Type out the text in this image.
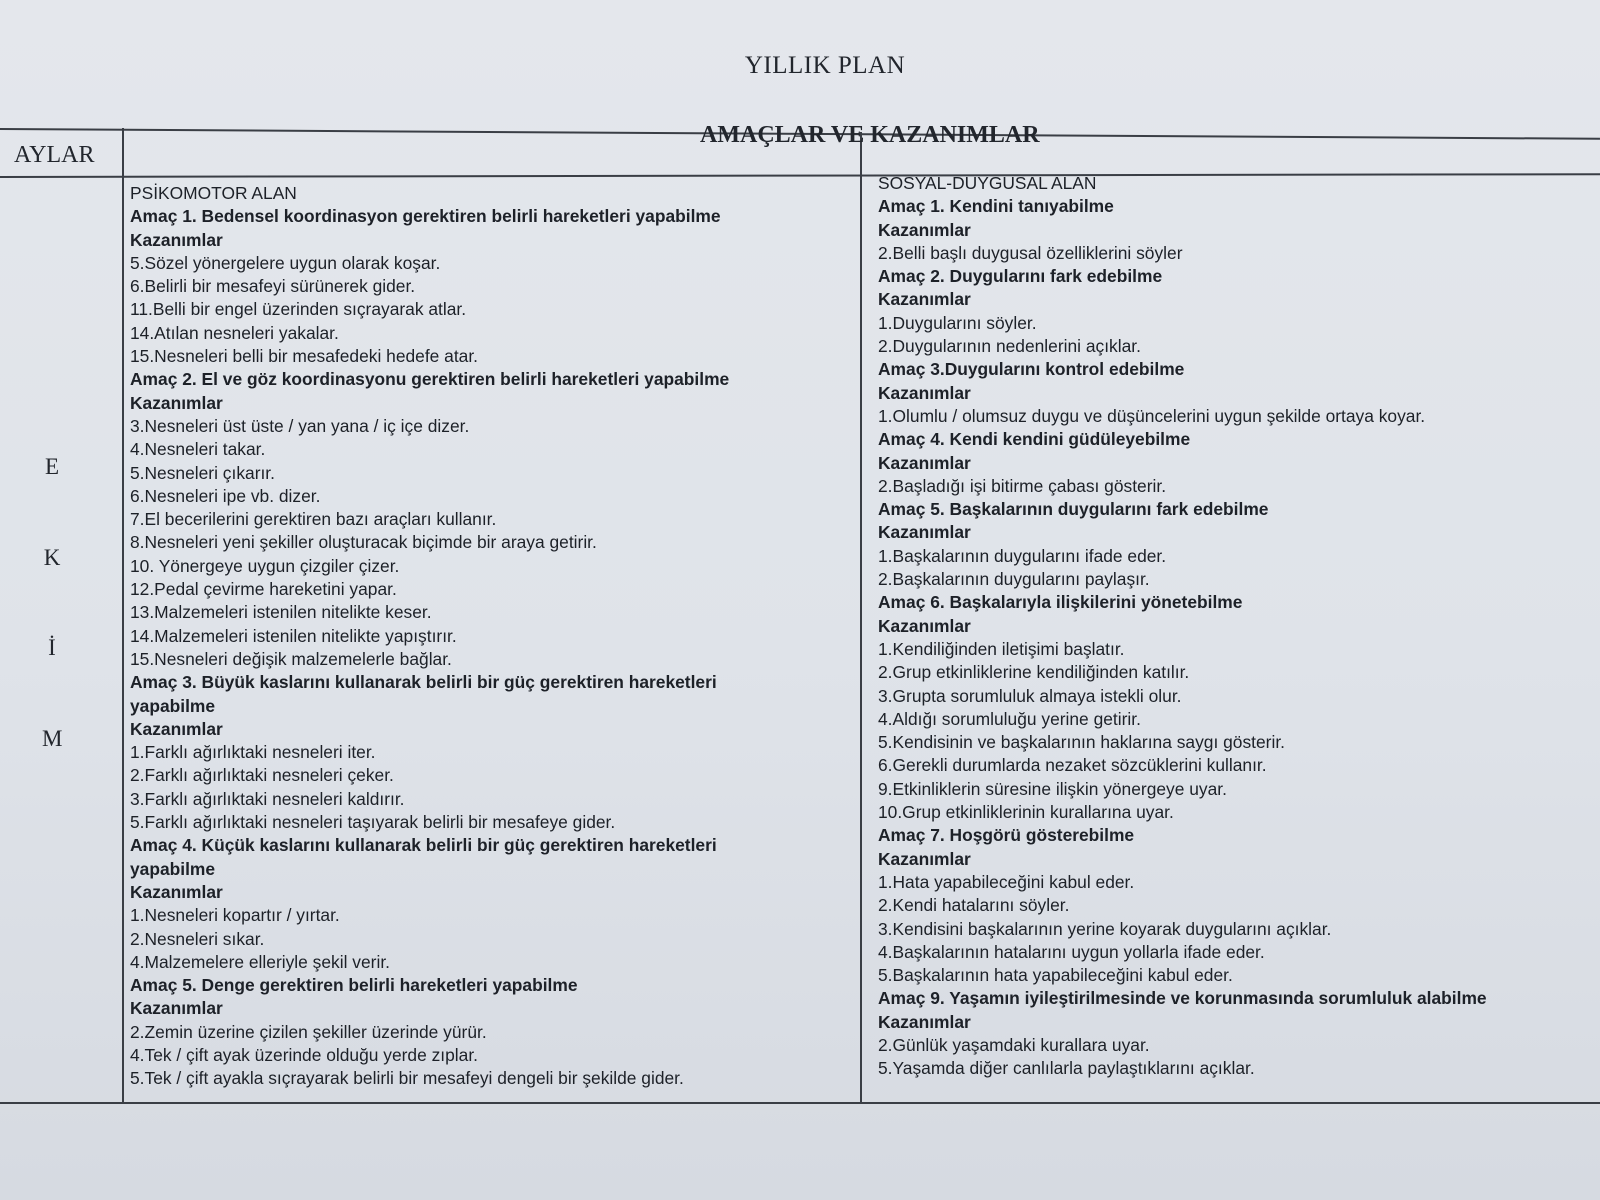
YILLIK PLAN
AYLAR
AMAÇLAR VE KAZANIMLAR
E
K
İ
M
PSİKOMOTOR ALAN
Amaç 1. Bedensel koordinasyon gerektiren belirli hareketleri yapabilme
Kazanımlar
5.Sözel yönergelere uygun olarak koşar.
6.Belirli bir mesafeyi sürünerek gider.
11.Belli bir engel üzerinden sıçrayarak atlar.
14.Atılan nesneleri yakalar.
15.Nesneleri belli bir mesafedeki hedefe atar.
Amaç 2. El ve göz koordinasyonu gerektiren belirli hareketleri yapabilme
Kazanımlar
3.Nesneleri üst üste / yan yana / iç içe dizer.
4.Nesneleri takar.
5.Nesneleri çıkarır.
6.Nesneleri ipe vb. dizer.
7.El becerilerini gerektiren bazı araçları kullanır.
8.Nesneleri yeni şekiller oluşturacak biçimde bir araya getirir.
10. Yönergeye uygun çizgiler çizer.
12.Pedal çevirme hareketini yapar.
13.Malzemeleri istenilen nitelikte keser.
14.Malzemeleri istenilen nitelikte yapıştırır.
15.Nesneleri değişik malzemelerle bağlar.
Amaç 3. Büyük kaslarını kullanarak belirli bir güç gerektiren hareketleri
yapabilme
Kazanımlar
1.Farklı ağırlıktaki nesneleri iter.
2.Farklı ağırlıktaki nesneleri çeker.
3.Farklı ağırlıktaki nesneleri kaldırır.
5.Farklı ağırlıktaki nesneleri taşıyarak belirli bir mesafeye gider.
Amaç 4. Küçük kaslarını kullanarak belirli bir güç gerektiren hareketleri
yapabilme
Kazanımlar
1.Nesneleri kopartır / yırtar.
2.Nesneleri sıkar.
4.Malzemelere elleriyle şekil verir.
Amaç 5. Denge gerektiren belirli hareketleri yapabilme
Kazanımlar
2.Zemin üzerine çizilen şekiller üzerinde yürür.
4.Tek / çift ayak üzerinde olduğu yerde zıplar.
5.Tek / çift ayakla sıçrayarak belirli bir mesafeyi dengeli bir şekilde gider.
SOSYAL-DUYGUSAL ALAN
Amaç 1. Kendini tanıyabilme
Kazanımlar
2.Belli başlı duygusal özelliklerini söyler
Amaç 2. Duygularını fark edebilme
Kazanımlar
1.Duygularını söyler.
2.Duygularının nedenlerini açıklar.
Amaç 3.Duygularını kontrol edebilme
Kazanımlar
1.Olumlu / olumsuz duygu ve düşüncelerini uygun şekilde ortaya koyar.
Amaç 4. Kendi kendini güdüleyebilme
Kazanımlar
2.Başladığı işi bitirme çabası gösterir.
Amaç 5. Başkalarının duygularını fark edebilme
Kazanımlar
1.Başkalarının duygularını ifade eder.
2.Başkalarının duygularını paylaşır.
Amaç 6. Başkalarıyla ilişkilerini yönetebilme
Kazanımlar
1.Kendiliğinden iletişimi başlatır.
2.Grup etkinliklerine kendiliğinden katılır.
3.Grupta sorumluluk almaya istekli olur.
4.Aldığı sorumluluğu yerine getirir.
5.Kendisinin ve başkalarının haklarına saygı gösterir.
6.Gerekli durumlarda nezaket sözcüklerini kullanır.
9.Etkinliklerin süresine ilişkin yönergeye uyar.
10.Grup etkinliklerinin kurallarına uyar.
Amaç 7. Hoşgörü gösterebilme
Kazanımlar
1.Hata yapabileceğini kabul eder.
2.Kendi hatalarını söyler.
3.Kendisini başkalarının yerine koyarak duygularını açıklar.
4.Başkalarının hatalarını uygun yollarla ifade eder.
5.Başkalarının hata yapabileceğini kabul eder.
Amaç 9. Yaşamın iyileştirilmesinde ve korunmasında sorumluluk alabilme
Kazanımlar
2.Günlük yaşamdaki kurallara uyar.
5.Yaşamda diğer canlılarla paylaştıklarını açıklar.
